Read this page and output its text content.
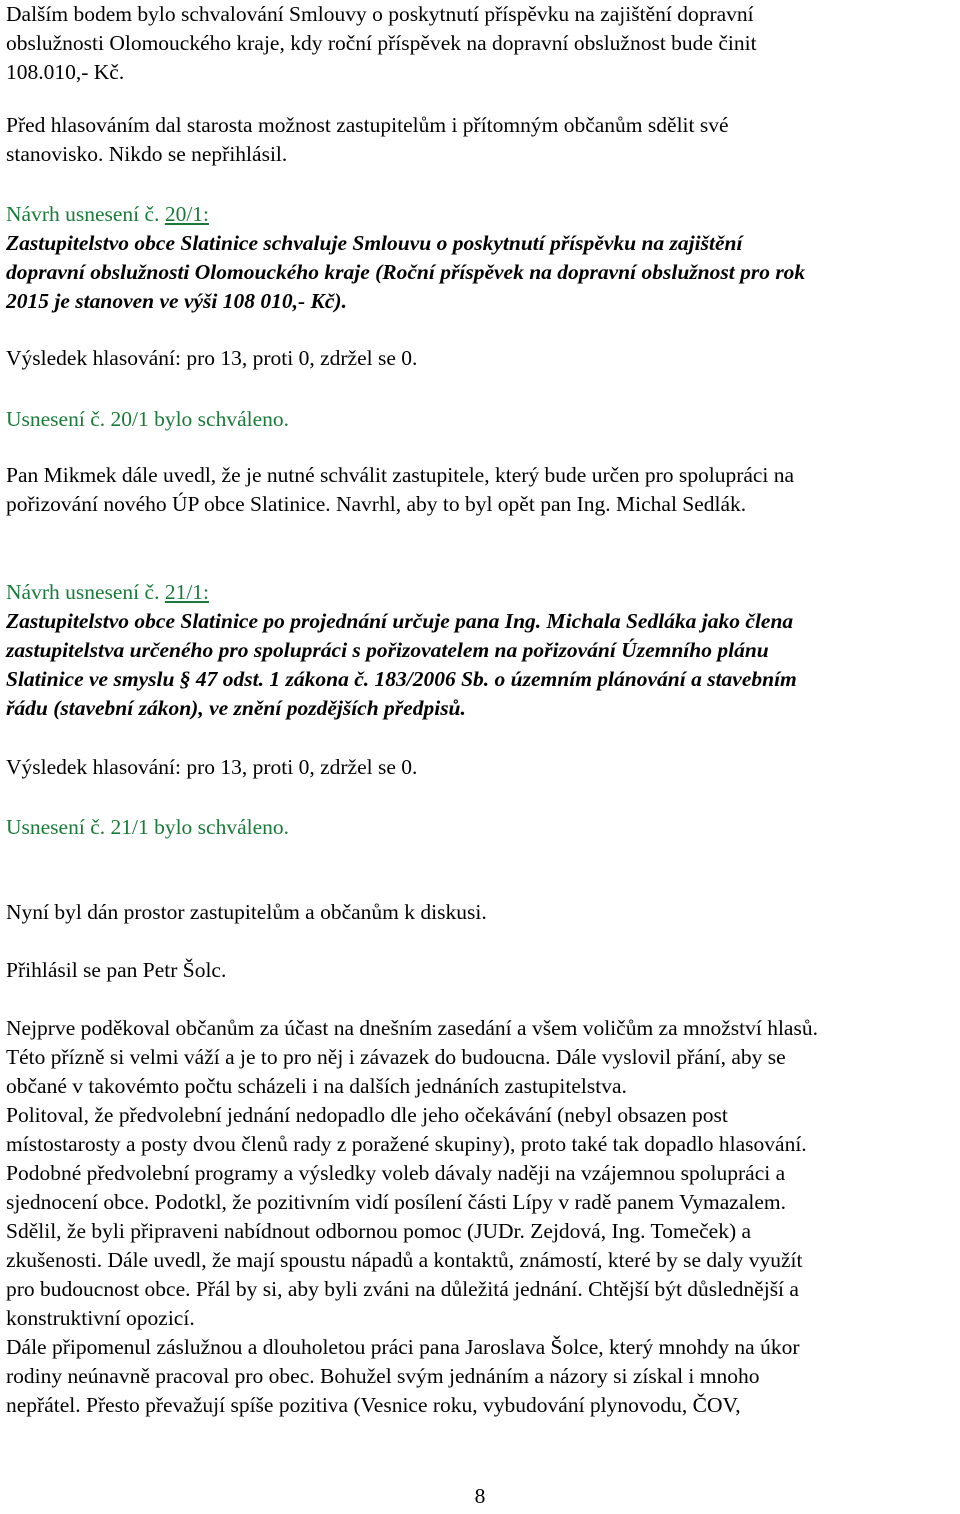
Dalším bodem bylo schvalování Smlouvy o poskytnutí příspěvku na zajištění dopravní

obslužnosti Olomouckého kraje, kdy roční příspěvek na dopravní obslužnost bude činit

108.010,- Kč.

Před hlasováním dal starosta možnost zastupitelům i přítomným občanům sdělit své

stanovisko. Nikdo se nepřihlásil.

Návrh usnesení č. 20/1:

Zastupitelstvo obce Slatinice schvaluje Smlouvu o poskytnutí příspěvku na zajištění

dopravní obslužnosti Olomouckého kraje (Roční příspěvek na dopravní obslužnost pro rok

2015 je stanoven ve výši 108 010,- Kč).

Výsledek hlasování: pro 13, proti 0, zdržel se 0.

Usnesení č. 20/1 bylo schváleno.

Pan Mikmek dále uvedl, že je nutné schválit zastupitele, který bude určen pro spolupráci na

pořizování nového ÚP obce Slatinice. Navrhl, aby to byl opět pan Ing. Michal Sedlák.

Návrh usnesení č. 21/1:

Zastupitelstvo obce Slatinice po projednání určuje pana Ing. Michala Sedláka jako člena

zastupitelstva určeného pro spolupráci s pořizovatelem na pořizování Územního plánu

Slatinice ve smyslu § 47 odst. 1 zákona č. 183/2006 Sb. o územním plánování a stavebním

řádu (stavební zákon), ve znění pozdějších předpisů.

Výsledek hlasování: pro 13, proti 0, zdržel se 0.

Usnesení č. 21/1 bylo schváleno.

Nyní byl dán prostor zastupitelům a občanům k diskusi.

Přihlásil se pan Petr Šolc.

Nejprve poděkoval občanům za účast na dnešním zasedání a všem voličům za množství hlasů.

Této přízně si velmi váží a je to pro něj i závazek do budoucna. Dále vyslovil přání, aby se

občané v takovémto počtu scházeli i na dalších jednáních zastupitelstva.

Politoval, že předvolební jednání nedopadlo dle jeho očekávání (nebyl obsazen post

místostarosty a posty dvou členů rady z poražené skupiny), proto také tak dopadlo hlasování.

Podobné předvolební programy a výsledky voleb dávaly naději na vzájemnou spolupráci a

sjednocení obce. Podotkl, že pozitivním vidí posílení části Lípy v radě panem Vymazalem.

Sdělil, že byli připraveni nabídnout odbornou pomoc (JUDr. Zejdová, Ing. Tomeček) a

zkušenosti. Dále uvedl, že mají spoustu nápadů a kontaktů, známostí, které by se daly využít

pro budoucnost obce. Přál by si, aby byli zváni na důležitá jednání. Chtější být důslednější a

konstruktivní opozicí.

Dále připomenul záslužnou a dlouholetou práci pana Jaroslava Šolce, který mnohdy na úkor

rodiny neúnavně pracoval pro obec. Bohužel svým jednáním a názory si získal i mnoho

nepřátel. Přesto převažují spíše pozitiva (Vesnice roku, vybudování plynovodu, ČOV,

8
